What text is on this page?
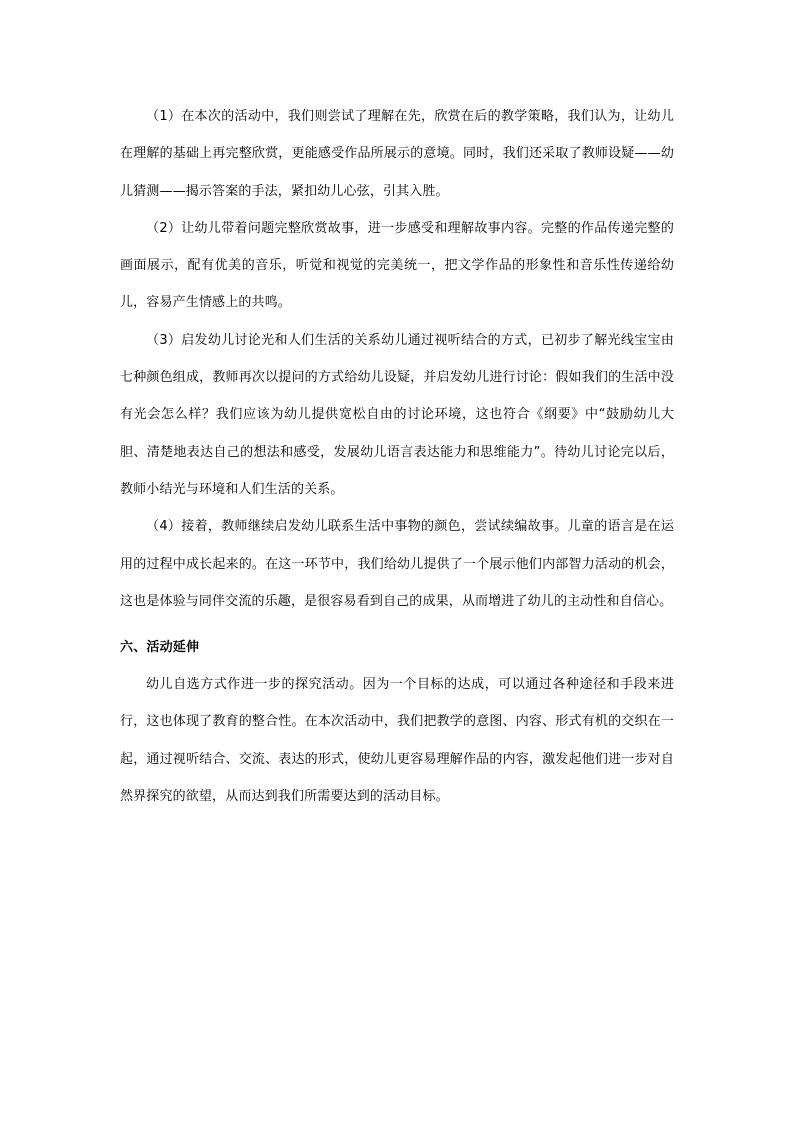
（1）在本次的活动中，我们则尝试了理解在先，欣赏在后的教学策略，我们认为，让幼儿在理解的基础上再完整欣赏，更能感受作品所展示的意境。同时，我们还采取了教师设疑——幼儿猜测——揭示答案的手法，紧扣幼儿心弦，引其入胜。

（2）让幼儿带着问题完整欣赏故事，进一步感受和理解故事内容。完整的作品传递完整的画面展示，配有优美的音乐，听觉和视觉的完美统一，把文学作品的形象性和音乐性传递给幼儿，容易产生情感上的共鸣。

（3）启发幼儿讨论光和人们生活的关系幼儿通过视听结合的方式，已初步了解光线宝宝由七种颜色组成，教师再次以提问的方式给幼儿设疑，并启发幼儿进行讨论：假如我们的生活中没有光会怎么样？我们应该为幼儿提供宽松自由的讨论环境，这也符合《纲要》中“鼓励幼儿大胆、清楚地表达自己的想法和感受，发展幼儿语言表达能力和思维能力”。待幼儿讨论完以后，教师小结光与环境和人们生活的关系。

（4）接着，教师继续启发幼儿联系生活中事物的颜色，尝试续编故事。儿童的语言是在运用的过程中成长起来的。在这一环节中，我们给幼儿提供了一个展示他们内部智力活动的机会，这也是体验与同伴交流的乐趣，是很容易看到自己的成果，从而增进了幼儿的主动性和自信心。

六、活动延伸

幼儿自选方式作进一步的探究活动。因为一个目标的达成，可以通过各种途径和手段来进行，这也体现了教育的整合性。在本次活动中，我们把教学的意图、内容、形式有机的交织在一起，通过视听结合、交流、表达的形式，使幼儿更容易理解作品的内容，激发起他们进一步对自然界探究的欲望，从而达到我们所需要达到的活动目标。
